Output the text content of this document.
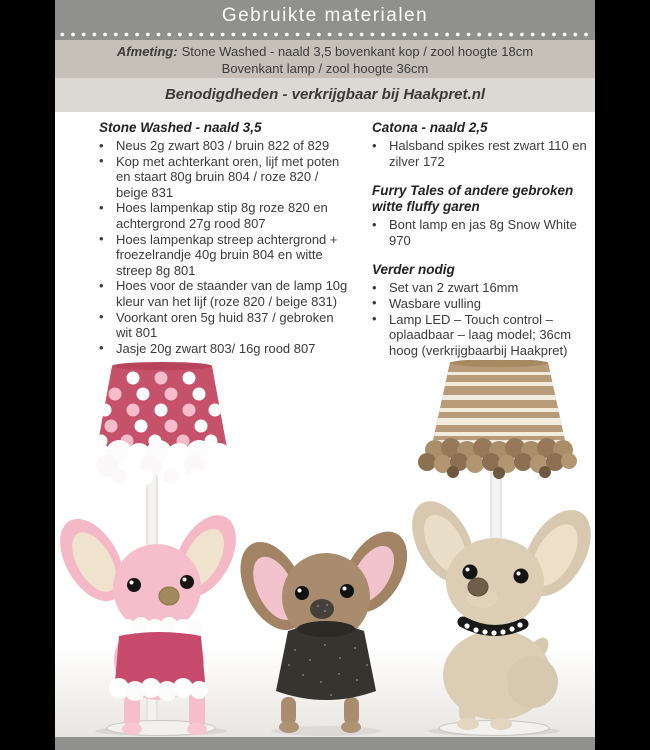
Gebruikte materialen
Afmeting: Stone Washed - naald 3,5 bovenkant kop / zool hoogte 18cm
Bovenkant lamp / zool hoogte 36cm
Benodigdheden - verkrijgbaar bij Haakpret.nl

Stone Washed - naald 3,5

• Neus 2g zwart 803 / bruin 822 of 829
• Kop met achterkant oren, lijf met poten en staart 80g bruin 804 / roze 820 / beige 831
• Hoes lampenkap stip 8g roze 820 en achtergrond 27g rood 807
• Hoes lampenkap streep achtergrond + froezelrandje 40g bruin 804 en witte streep 8g 801
• Hoes voor de staander van de lamp 10g kleur van het lijf (roze 820 / beige 831)
• Voorkant oren 5g huid 837 / gebroken wit 801
• Jasje 20g zwart 803/ 16g rood 807

Catona - naald 2,5

• Halsband spikes rest zwart 110 en zilver 172

Furry Tales of andere gebroken witte fluffy garen

• Bont lamp en jas 8g Snow White 970

Verder nodig

• Set van 2 zwart 16mm
• Wasbare vulling
• Lamp LED – Touch control – oplaadbaar – laag model; 36cm hoog (verkrijgbaarbij Haakpret)
